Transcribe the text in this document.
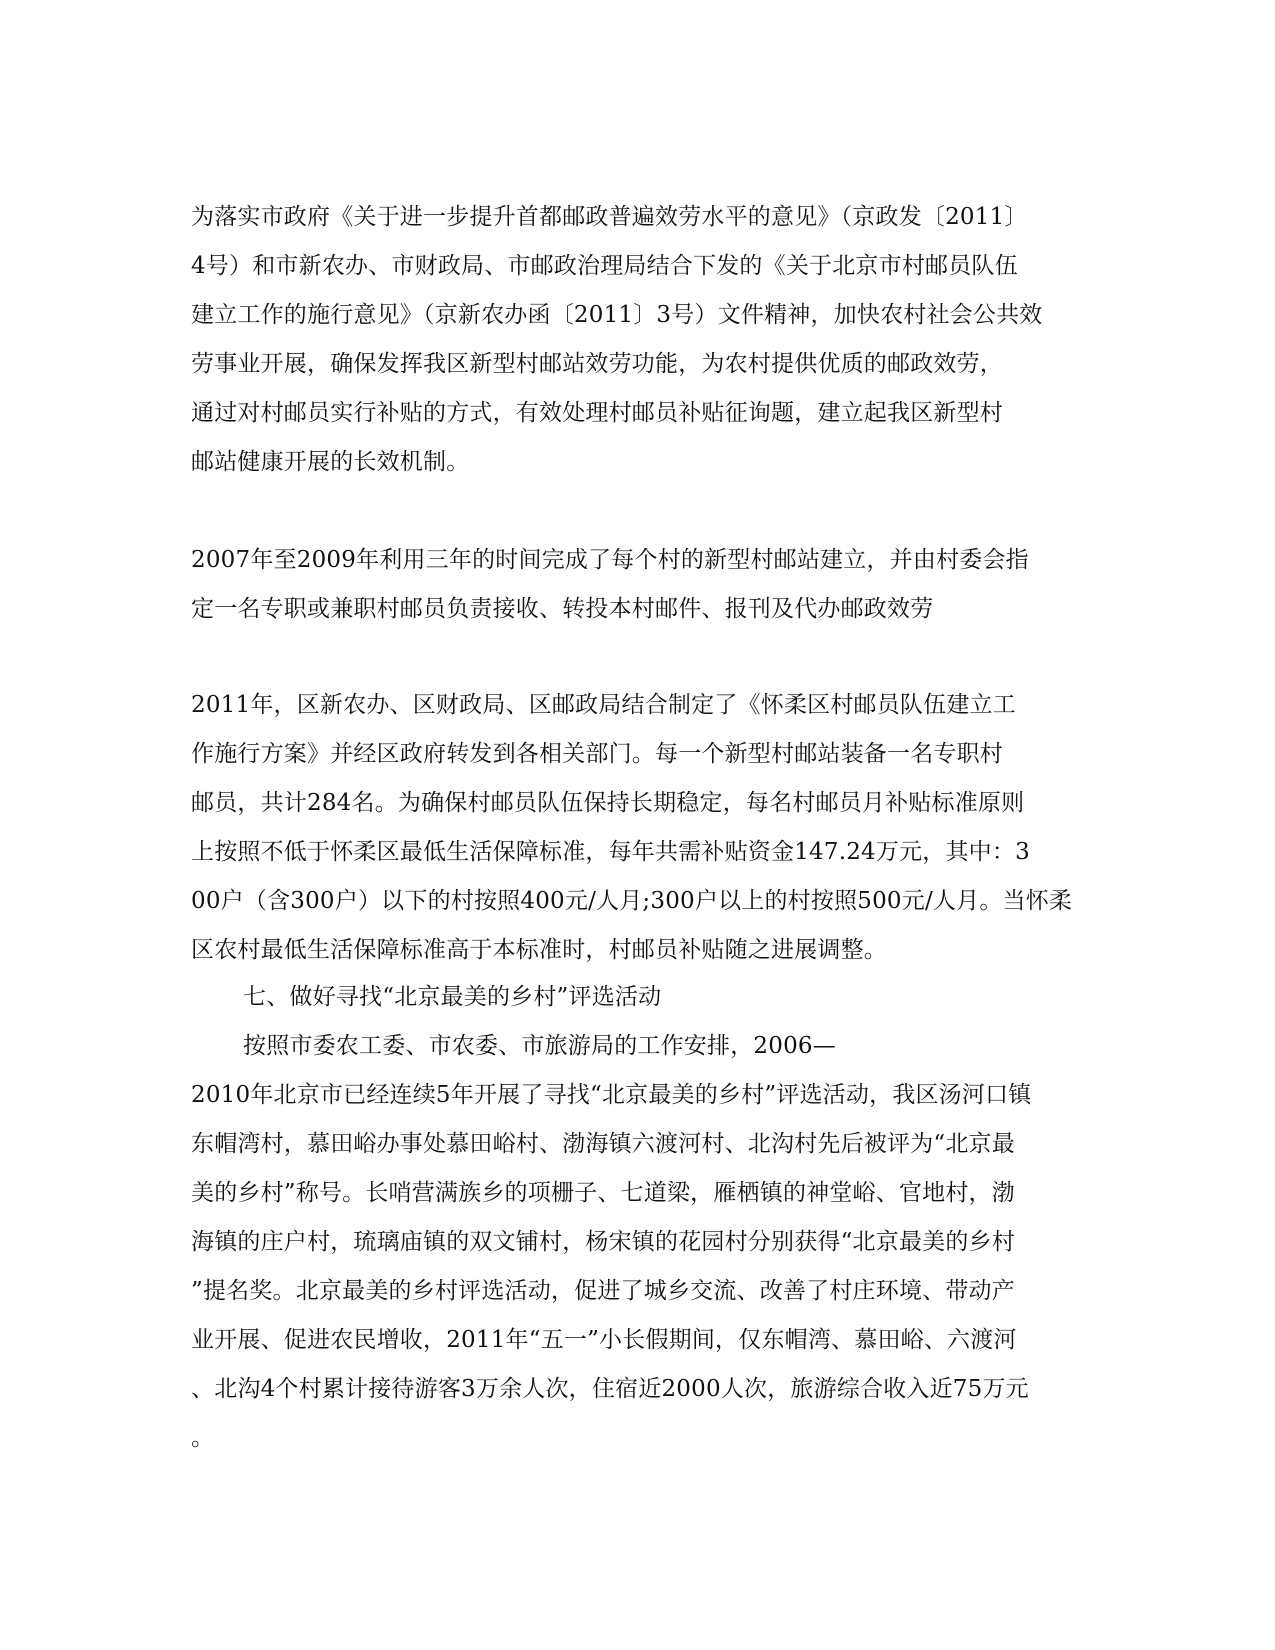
为落实市政府《关于进一步提升首都邮政普遍效劳水平的意见》（京政发〔2011〕
4号）和市新农办、市财政局、市邮政治理局结合下发的《关于北京市村邮员队伍
建立工作的施行意见》（京新农办函〔2011〕3号）文件精神，加快农村社会公共效
劳事业开展，确保发挥我区新型村邮站效劳功能，为农村提供优质的邮政效劳，
通过对村邮员实行补贴的方式，有效处理村邮员补贴征询题，建立起我区新型村
邮站健康开展的长效机制。
2007年至2009年利用三年的时间完成了每个村的新型村邮站建立，并由村委会指
定一名专职或兼职村邮员负责接收、转投本村邮件、报刊及代办邮政效劳
2011年，区新农办、区财政局、区邮政局结合制定了《怀柔区村邮员队伍建立工
作施行方案》并经区政府转发到各相关部门。每一个新型村邮站装备一名专职村
邮员，共计284名。为确保村邮员队伍保持长期稳定，每名村邮员月补贴标准原则
上按照不低于怀柔区最低生活保障标准，每年共需补贴资金147.24万元，其中：3
00户（含300户）以下的村按照400元/人月;300户以上的村按照500元/人月。当怀柔
区农村最低生活保障标准高于本标准时，村邮员补贴随之进展调整。
七、做好寻找“北京最美的乡村”评选活动
按照市委农工委、市农委、市旅游局的工作安排，2006—
2010年北京市已经连续5年开展了寻找“北京最美的乡村”评选活动，我区汤河口镇
东帽湾村，慕田峪办事处慕田峪村、渤海镇六渡河村、北沟村先后被评为“北京最
美的乡村”称号。长哨营满族乡的项栅子、七道梁，雁栖镇的神堂峪、官地村，渤
海镇的庄户村，琉璃庙镇的双文铺村，杨宋镇的花园村分别获得“北京最美的乡村
”提名奖。北京最美的乡村评选活动，促进了城乡交流、改善了村庄环境、带动产
业开展、促进农民增收，2011年“五一”小长假期间，仅东帽湾、慕田峪、六渡河
、北沟4个村累计接待游客3万余人次，住宿近2000人次，旅游综合收入近75万元
。
